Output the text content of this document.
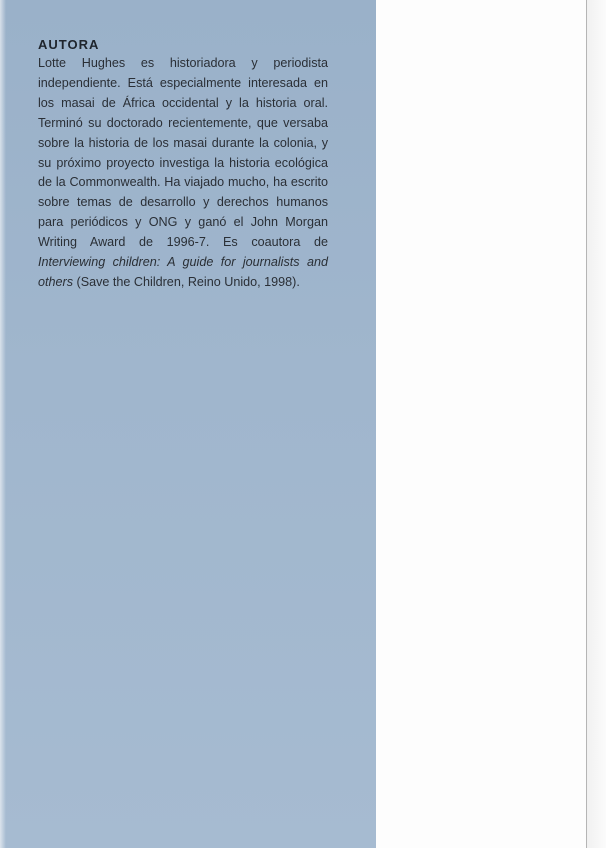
AUTORA

Lotte Hughes es historiadora y periodista independiente. Está especialmente interesada en los masai de África occidental y la historia oral. Terminó su doctorado recientemente, que versaba sobre la historia de los masai durante la colonia, y su próximo proyecto investiga la historia ecológica de la Commonwealth. Ha viajado mucho, ha escrito sobre temas de desarrollo y derechos humanos para periódicos y ONG y ganó el John Morgan Writing Award de 1996-7. Es coautora de Interviewing children: A guide for journalists and others (Save the Children, Reino Unido, 1998).
